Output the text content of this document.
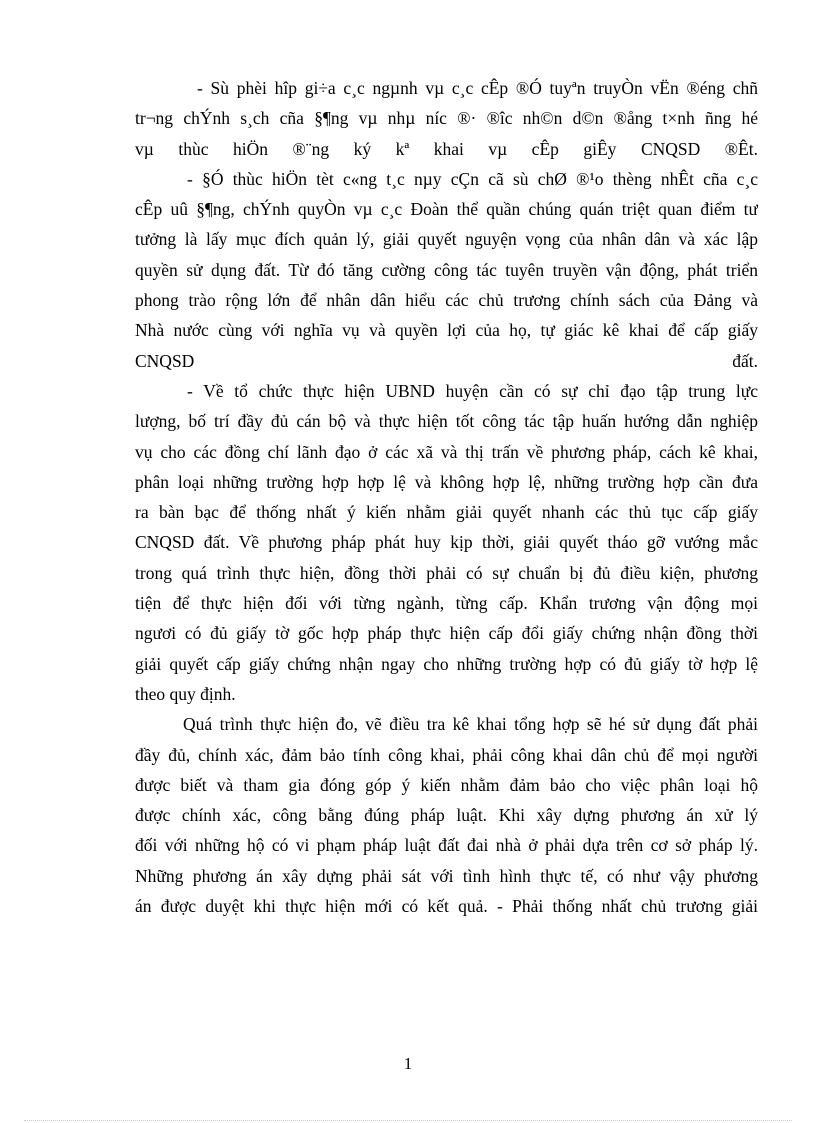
- Sù phèi hîp gi÷a c¸c ngµnh vµ c¸c cÊp ®Ó tuyªn truyÒn vËn ®éng chñ
tr¬ng chÝnh s¸ch cña §¶ng vµ nhµ níc ®· ®îc nh©n d©n ®ång t×nh ñng hé
vµ thùc hiÖn ®¨ng ký kª khai vµ cÊp giÊy CNQSD ®Êt.
- §Ó thùc hiÖn tèt c«ng t¸c nµy cÇn cã sù chØ ®¹o thèng nhÊt cña c¸c
cÊp uû §¶ng, chÝnh quyÒn vµ c¸c Đoàn thể quần chúng quán triệt quan điểm tư
tưởng là lấy mục đích quản lý, giải quyết nguyện vọng của nhân dân và xác lập
quyền sử dụng đất. Từ đó tăng cường công tác tuyên truyền vận động, phát triển
phong trào rộng lớn để nhân dân hiểu các chủ trương chính sách của Đảng và
Nhà nước cùng với nghĩa vụ và quyền lợi của họ, tự giác kê khai để cấp giấy
CNQSD đất.
- Về tổ chức thực hiện UBND huyện cần có sự chỉ đạo tập trung lực
lượng, bố trí đầy đủ cán bộ và thực hiện tốt công tác tập huấn hướng dẫn nghiệp
vụ cho các đồng chí lãnh đạo ở các xã và thị trấn về phương pháp, cách kê khai,
phân loại những trường hợp hợp lệ và không hợp lệ, những trường hợp cần đưa
ra bàn bạc để thống nhất ý kiến nhằm giải quyết nhanh các thủ tục cấp giấy
CNQSD đất. Về phương pháp phát huy kịp thời, giải quyết tháo gỡ vướng mắc
trong quá trình thực hiện, đồng thời phải có sự chuẩn bị đủ điều kiện, phương
tiện để thực hiện đối với từng ngành, từng cấp. Khẩn trương vận động mọi
ngươi có đủ giấy tờ gốc hợp pháp thực hiện cấp đổi giấy chứng nhận đồng thời
giải quyết cấp giấy chứng nhận ngay cho những trường hợp có đủ giấy tờ hợp lệ
theo quy định.
Quá trình thực hiện đo, vẽ điều tra kê khai tổng hợp sẽ hé sử dụng đất phải
đầy đủ, chính xác, đảm bảo tính công khai, phải công khai dân chủ để mọi người
được biết và tham gia đóng góp ý kiến nhằm đảm bảo cho việc phân loại hộ
được chính xác, công bằng đúng pháp luật. Khi xây dựng phương án xử lý
đối với những hộ có vi phạm pháp luật đất đai nhà ở phải dựa trên cơ sở pháp lý.
Những phương án xây dựng phải sát với tình hình thực tế, có như vậy phương
án được duyệt khi thực hiện mới có kết quả. - Phải thống nhất chủ trương giải
1
